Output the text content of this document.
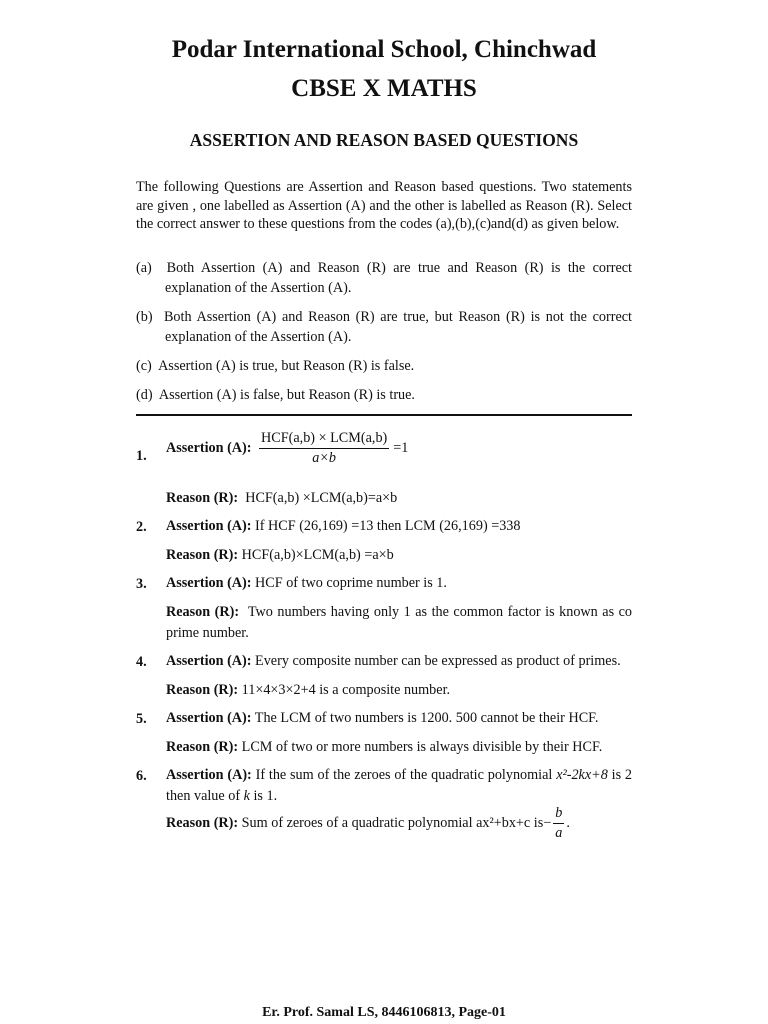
Podar International School, Chinchwad
CBSE X MATHS
ASSERTION AND REASON BASED QUESTIONS
The following Questions are Assertion and Reason based questions. Two statements are given , one labelled as Assertion (A) and the other is labelled as Reason (R). Select the correct answer to these questions from the codes (a),(b),(c)and(d) as given below.
(a) Both Assertion (A) and Reason (R) are true and Reason (R) is the correct explanation of the Assertion (A).
(b) Both Assertion (A) and Reason (R) are true, but Reason (R) is not the correct explanation of the Assertion (A).
(c) Assertion (A) is true, but Reason (R) is false.
(d) Assertion (A) is false, but Reason (R) is true.
1.
Assertion (A): $\frac{\text{HCF(a,b) × LCM(a,b)}}{a\times b} =1$
Reason (R): HCF(a,b) ×LCM(a,b)=a×b
2. Assertion (A): If HCF (26,169) =13 then LCM (26,169) =338
Reason (R): HCF(a,b)×LCM(a,b) =a×b
3. Assertion (A): HCF of two coprime number is 1.
Reason (R): Two numbers having only 1 as the common factor is known as co prime number.
4. Assertion (A): Every composite number can be expressed as product of primes.
Reason (R): 11×4×3×2+4 is a composite number.
5. Assertion (A): The LCM of two numbers is 1200. 500 cannot be their HCF.
Reason (R): LCM of two or more numbers is always divisible by their HCF.
6. Assertion (A): If the sum of the zeroes of the quadratic polynomial x²-2kx+8 is 2 then value of k is 1.
Reason (R): Sum of zeroes of a quadratic polynomial ax²+bx+c $is- \frac{b}{a}$ .
Er. Prof. Samal LS, 8446106813, Page-01
